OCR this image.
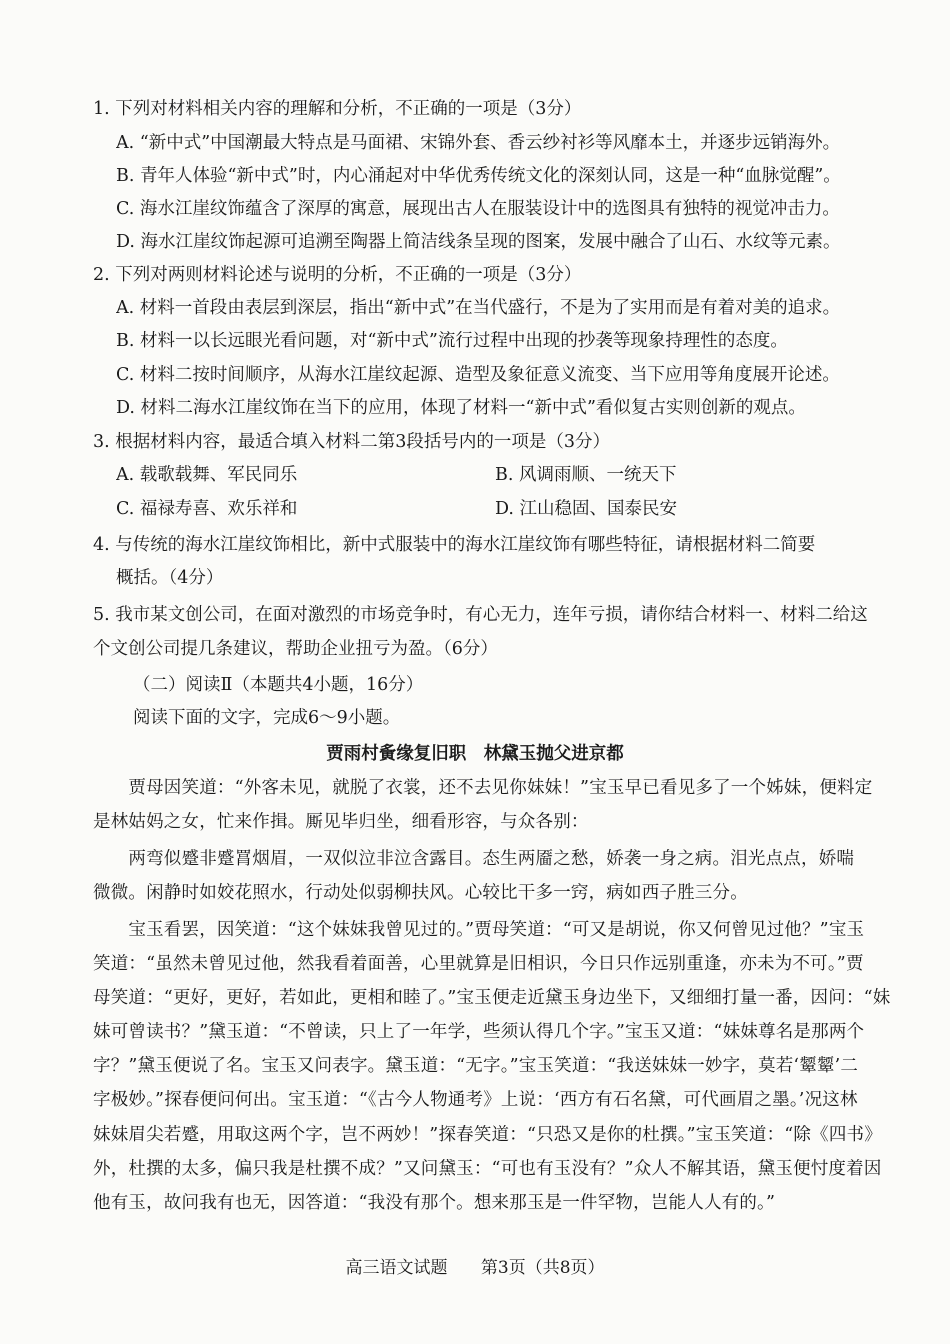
1. 下列对材料相关内容的理解和分析，不正确的一项是（3分）
A. “新中式”中国潮最大特点是马面裙、宋锦外套、香云纱衬衫等风靡本土，并逐步远销海外。
B. 青年人体验“新中式”时，内心涌起对中华优秀传统文化的深刻认同，这是一种“血脉觉醒”。
C. 海水江崖纹饰蕴含了深厚的寓意，展现出古人在服装设计中的选图具有独特的视觉冲击力。
D. 海水江崖纹饰起源可追溯至陶器上简洁线条呈现的图案，发展中融合了山石、水纹等元素。
2. 下列对两则材料论述与说明的分析，不正确的一项是（3分）
A. 材料一首段由表层到深层，指出“新中式”在当代盛行，不是为了实用而是有着对美的追求。
B. 材料一以长远眼光看问题，对“新中式”流行过程中出现的抄袭等现象持理性的态度。
C. 材料二按时间顺序，从海水江崖纹起源、造型及象征意义流变、当下应用等角度展开论述。
D. 材料二海水江崖纹饰在当下的应用，体现了材料一“新中式”看似复古实则创新的观点。
3. 根据材料内容，最适合填入材料二第3段括号内的一项是（3分）
A. 载歌载舞、军民同乐	B. 风调雨顺、一统天下
C. 福禄寿喜、欢乐祥和	D. 江山稳固、国泰民安
4. 与传统的海水江崖纹饰相比，新中式服装中的海水江崖纹饰有哪些特征，请根据材料二简要
概括。（4分）
5. 我市某文创公司，在面对激烈的市场竞争时，有心无力，连年亏损，请你结合材料一、材料二给这
个文创公司提几条建议，帮助企业扭亏为盈。（6分）
（二）阅读Ⅱ（本题共4小题，16分）
阅读下面的文字，完成6～9小题。
贾雨村夤缘复旧职　林黛玉抛父进京都
　　贾母因笑道：“外客未见，就脱了衣裳，还不去见你妹妹！”宝玉早已看见多了一个姊妹，便料定
是林姑妈之女，忙来作揖。厮见毕归坐，细看形容，与众各别：
　　两弯似蹙非蹙罥烟眉，一双似泣非泣含露目。态生两靥之愁，娇袭一身之病。泪光点点，娇喘
微微。闲静时如姣花照水，行动处似弱柳扶风。心较比干多一窍，病如西子胜三分。
　　宝玉看罢，因笑道：“这个妹妹我曾见过的。”贾母笑道：“可又是胡说，你又何曾见过他？”宝玉
笑道：“虽然未曾见过他，然我看着面善，心里就算是旧相识，今日只作远别重逢，亦未为不可。”贾
母笑道：“更好，更好，若如此，更相和睦了。”宝玉便走近黛玉身边坐下，又细细打量一番，因问：“妹
妹可曾读书？”黛玉道：“不曾读，只上了一年学，些须认得几个字。”宝玉又道：“妹妹尊名是那两个
字？”黛玉便说了名。宝玉又问表字。黛玉道：“无字。”宝玉笑道：“我送妹妹一妙字，莫若‘颦颦’二
字极妙。”探春便问何出。宝玉道：“《古今人物通考》上说：‘西方有石名黛，可代画眉之墨。’况这林
妹妹眉尖若蹙，用取这两个字，岂不两妙！”探春笑道：“只恐又是你的杜撰。”宝玉笑道：“除《四书》
外，杜撰的太多，偏只我是杜撰不成？”又问黛玉：“可也有玉没有？”众人不解其语，黛玉便忖度着因
他有玉，故问我有也无，因答道：“我没有那个。想来那玉是一件罕物，岂能人人有的。”
高三语文试题 第3页（共8页）
